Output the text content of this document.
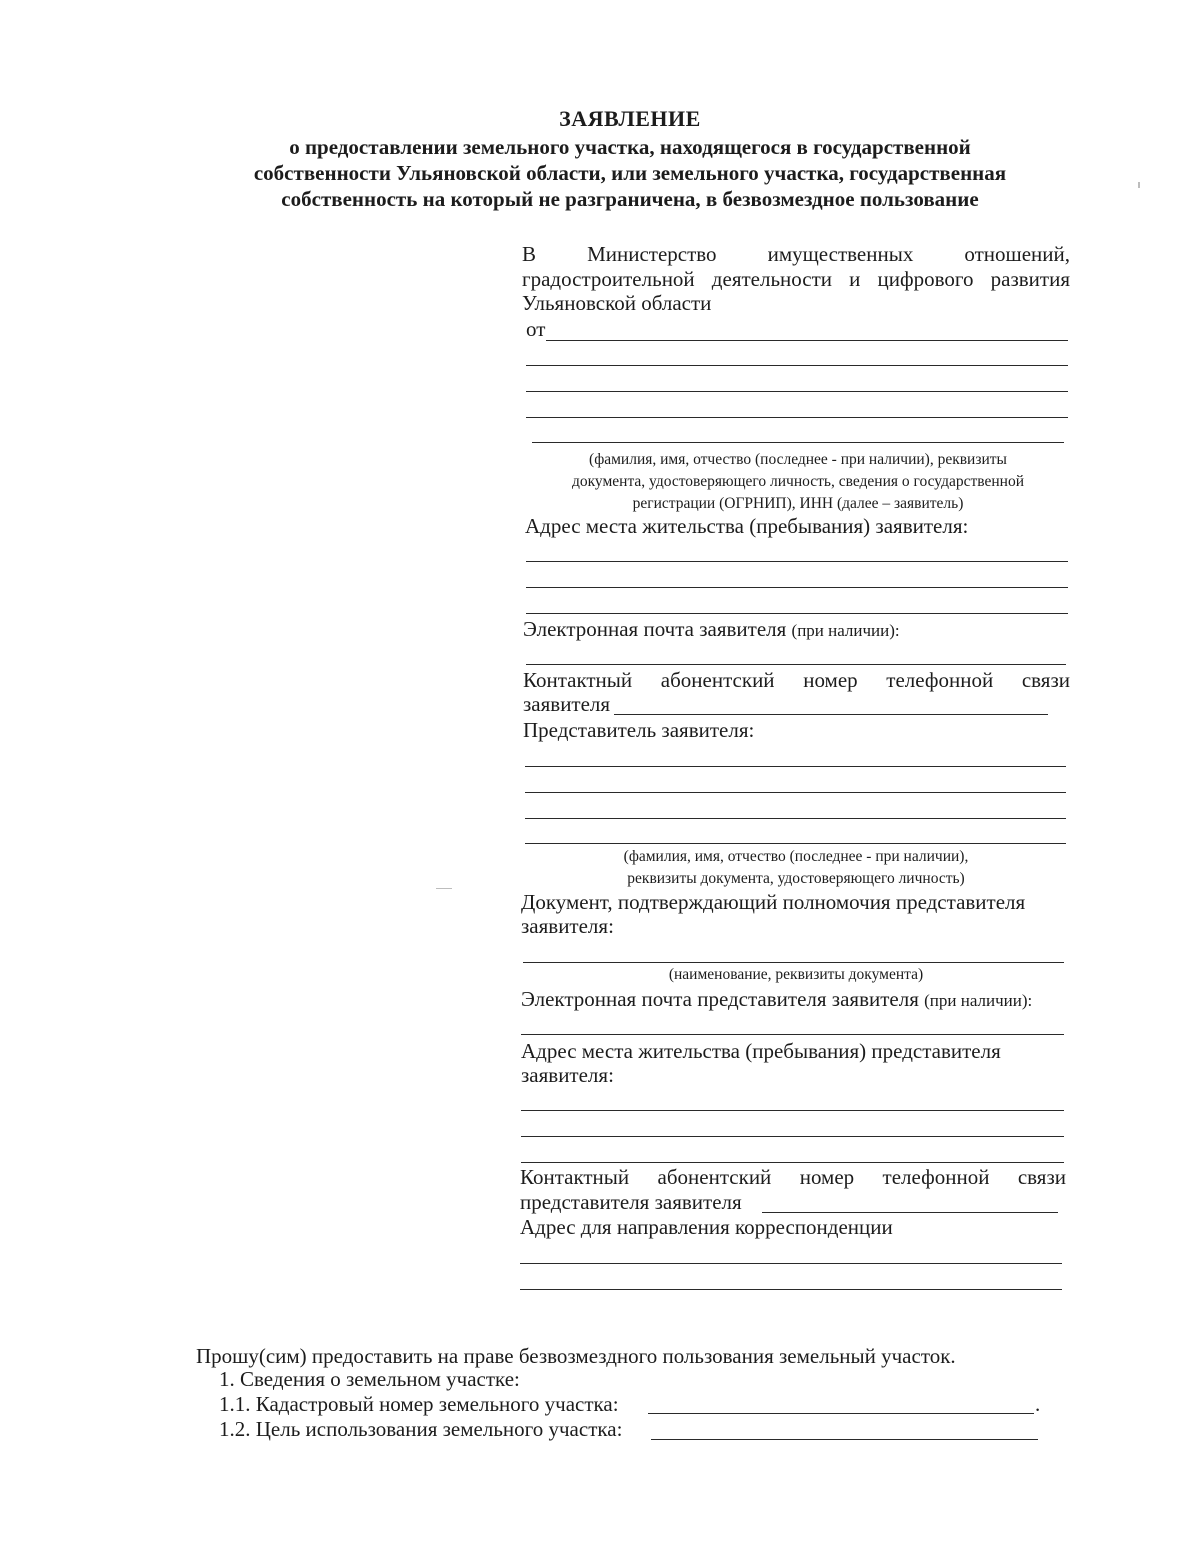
ЗАЯВЛЕНИЕ
о предоставлении земельного участка, находящегося в государственной
собственности Ульяновской области, или земельного участка, государственная
собственность на который не разграничена, в безвозмездное пользование
В Министерство имущественных отношений,
градостроительной деятельности и цифрового развития
Ульяновской области
от
(фамилия, имя, отчество (последнее - при наличии), реквизиты
документа, удостоверяющего личность, сведения о государственной
регистрации (ОГРНИП), ИНН (далее – заявитель)
Адрес места жительства (пребывания) заявителя:
Электронная почта заявителя (при наличии):
Контактный абонентский номер телефонной связи
заявителя
Представитель заявителя:
(фамилия, имя, отчество (последнее - при наличии),
реквизиты документа, удостоверяющего личность)
Документ, подтверждающий полномочия представителя
заявителя:
(наименование, реквизиты документа)
Электронная почта представителя заявителя (при наличии):
Адрес места жительства (пребывания) представителя
заявителя:
Контактный абонентский номер телефонной связи
представителя заявителя
Адрес для направления корреспонденции
Прошу(сим) предоставить на праве безвозмездного пользования земельный участок.
1. Сведения о земельном участке:
1.1. Кадастровый номер земельного участка:	.
1.2. Цель использования земельного участка:
